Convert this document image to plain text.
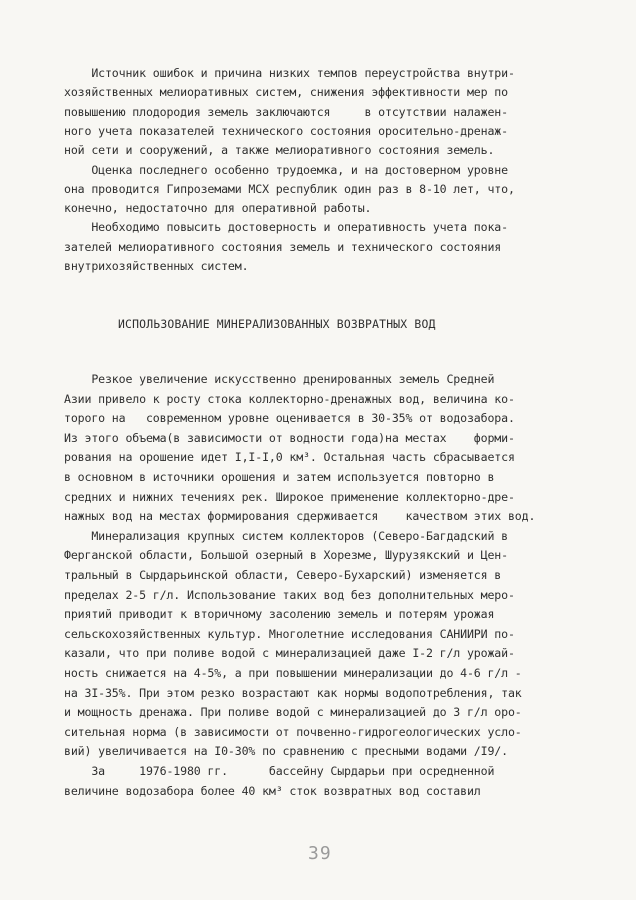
Источник ошибок и причина низких темпов переустройства внутри-
хозяйственных мелиоративных систем, снижения эффективности мер по
повышению плодородия земель заключаются     в отсутствии налажен-
ного учета показателей технического состояния оросительно-дренаж-
ной сети и сооружений, а также мелиоративного состояния земель.
Оценка последнего особенно трудоемка, и на достоверном уровне
она проводится Гипроземами МСХ республик один раз в 8-10 лет, что,
конечно, недостаточно для оперативной работы.
Необходимо повысить достоверность и оперативность учета пока-
зателей мелиоративного состояния земель и технического состояния
внутрихозяйственных систем.
ИСПОЛЬЗОВАНИЕ МИНЕРАЛИЗОВАННЫХ ВОЗВРАТНЫХ ВОД
Резкое увеличение искусственно дренированных земель Средней
Азии привело к росту стока коллекторно-дренажных вод, величина ко-
торого на   современном уровне оценивается в 30-35% от водозабора.
Из этого объема(в зависимости от водности года)на местах    форми-
рования на орошение идет I,I-I,0 км³. Остальная часть сбрасывается
в основном в источники орошения и затем используется повторно в
средних и нижних течениях рек. Широкое применение коллекторно-дре-
нажных вод на местах формирования сдерживается    качеством этих вод.
Минерализация крупных систем коллекторов (Северо-Багдадский в
Ферганской области, Большой озерный в Хорезме, Шурузякский и Цен-
тральный в Сырдарьинской области, Северо-Бухарский) изменяется в
пределах 2-5 г/л. Использование таких вод без дополнительных меро-
приятий приводит к вторичному засолению земель и потерям урожая
сельскохозяйственных культур. Многолетние исследования САНИИРИ по-
казали, что при поливе водой с минерализацией даже I-2 г/л урожай-
ность снижается на 4-5%, а при повышении минерализации до 4-6 г/л -
на 3I-35%. При этом резко возрастают как нормы водопотребления, так
и мощность дренажа. При поливе водой с минерализацией до 3 г/л оро-
сительная норма (в зависимости от почвенно-гидрогеологических усло-
вий) увеличивается на I0-30% по сравнению с пресными водами /I9/.
За     1976-1980 гг.      бассейну Сырдарьи при осредненной
величине водозабора более 40 км³ сток возвратных вод составил
39
